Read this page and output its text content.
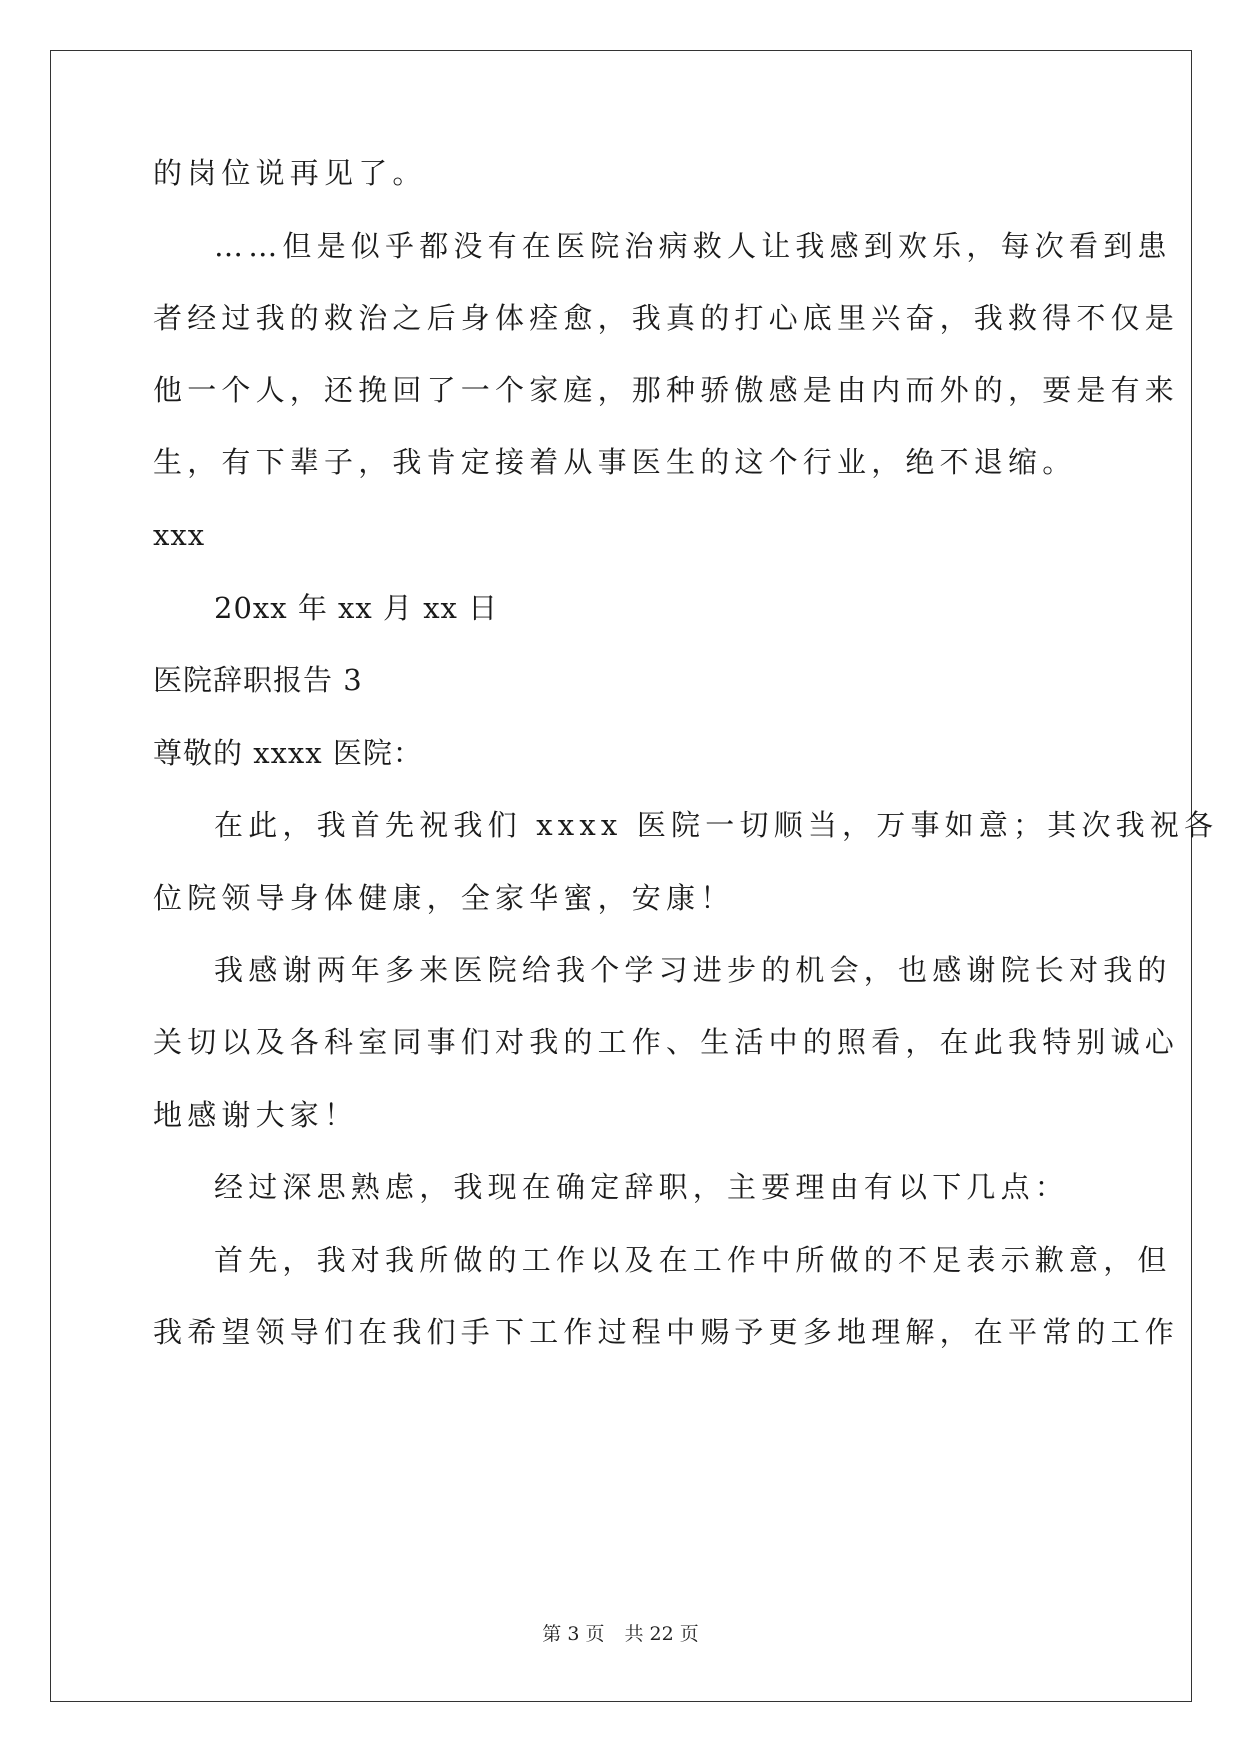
的岗位说再见了。
……但是似乎都没有在医院治病救人让我感到欢乐，每次看到患
者经过我的救治之后身体痊愈，我真的打心底里兴奋，我救得不仅是
他一个人，还挽回了一个家庭，那种骄傲感是由内而外的，要是有来
生，有下辈子，我肯定接着从事医生的这个行业，绝不退缩。
xxx
20xx 年 xx 月 xx 日
医院辞职报告 3
尊敬的 xxxx 医院：
在此，我首先祝我们 xxxx 医院一切顺当，万事如意；其次我祝各
位院领导身体健康，全家华蜜，安康！
我感谢两年多来医院给我个学习进步的机会，也感谢院长对我的
关切以及各科室同事们对我的工作、生活中的照看，在此我特别诚心
地感谢大家！
经过深思熟虑，我现在确定辞职，主要理由有以下几点：
首先，我对我所做的工作以及在工作中所做的不足表示歉意，但
我希望领导们在我们手下工作过程中赐予更多地理解，在平常的工作
第 3 页 共 22 页
